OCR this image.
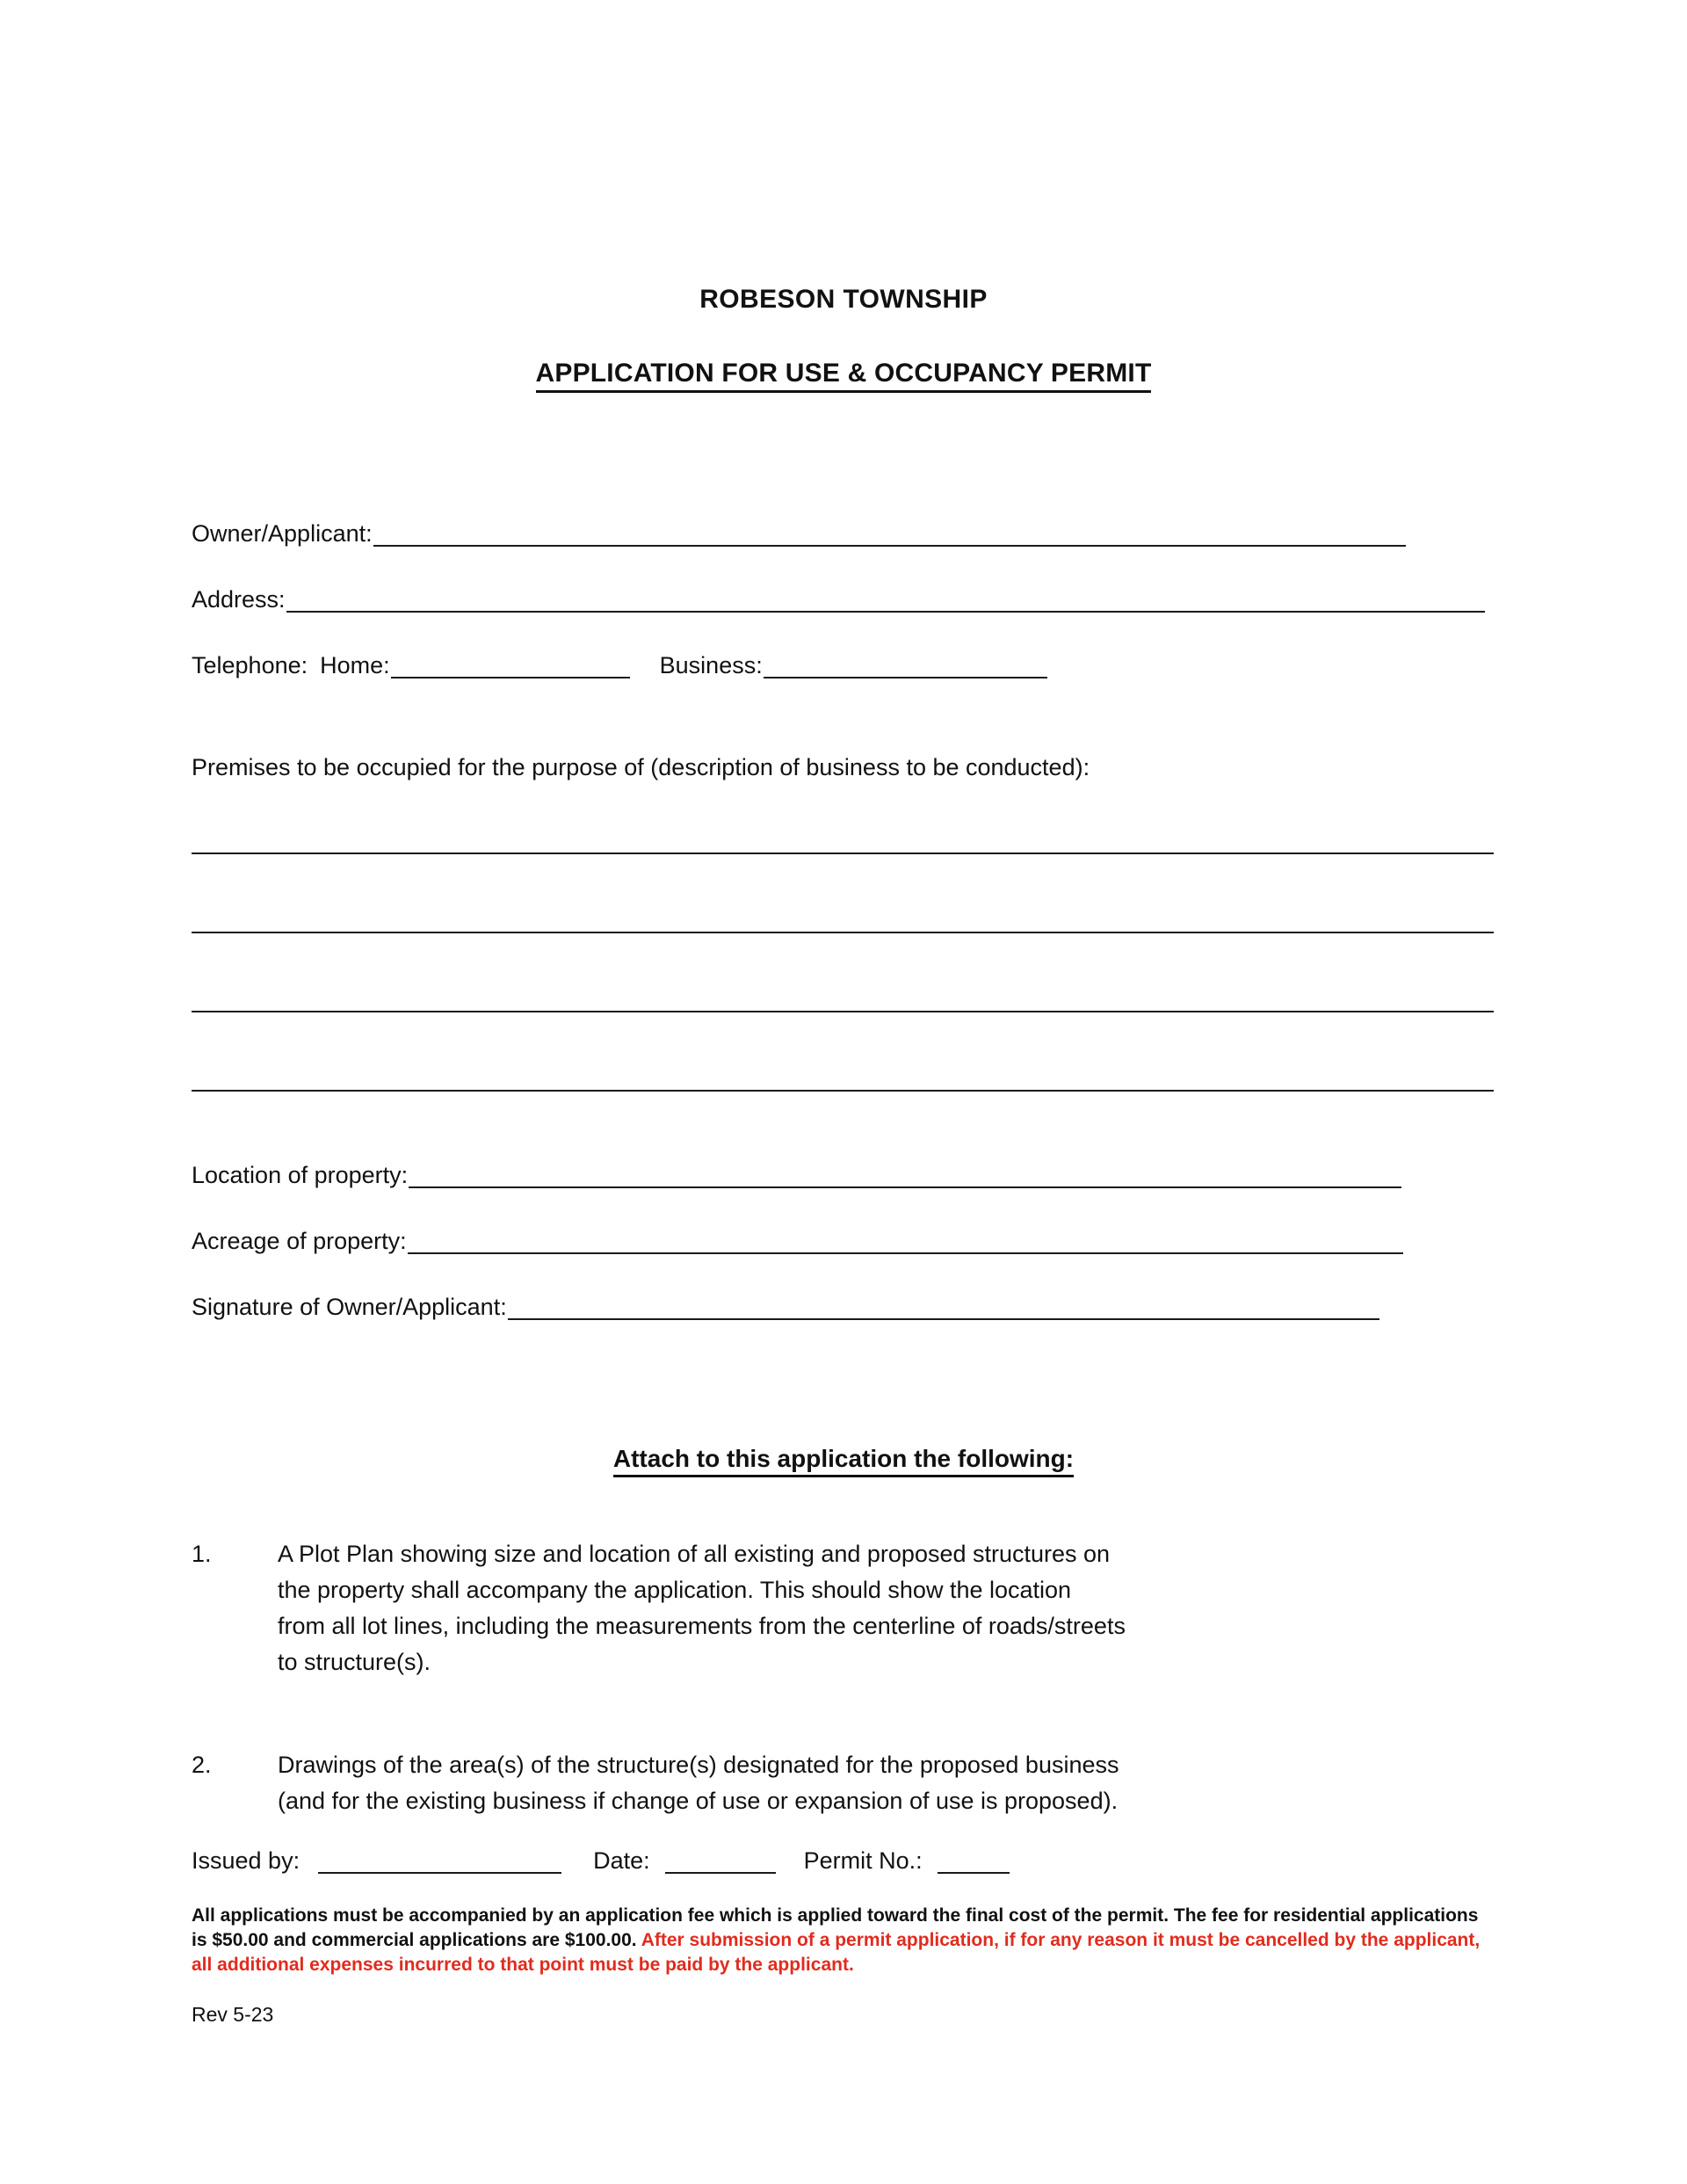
ROBESON TOWNSHIP
APPLICATION FOR USE & OCCUPANCY PERMIT
Owner/Applicant:
Address:
Telephone: Home:	Business:
Premises to be occupied for the purpose of (description of business to be conducted):
Location of property:
Acreage of property:
Signature of Owner/Applicant:
Attach to this application the following:
1.	A Plot Plan showing size and location of all existing and proposed structures on
the property shall accompany the application. This should show the location
from all lot lines, including the measurements from the centerline of roads/streets
to structure(s).
2.	Drawings of the area(s) of the structure(s) designated for the proposed business
(and for the existing business if change of use or expansion of use is proposed).
Issued by:	Date:	Permit No.:
All applications must be accompanied by an application fee which is applied toward the final cost of the permit. The fee for residential applications is $50.00 and commercial applications are $100.00. After submission of a permit application, if for any reason it must be cancelled by the applicant, all additional expenses incurred to that point must be paid by the applicant.
Rev 5-23
